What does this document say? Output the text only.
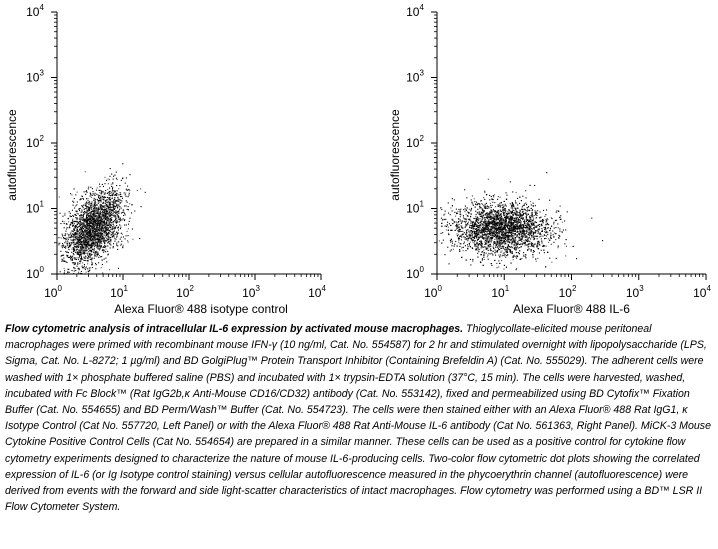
$10^0$	$10^1$	$10^2$	$10^3$	$10^4$
$10^0$
$10^1$
$10^2$
$10^3$
$10^4$
Alexa Fluor® 488 isotype control
autofluorescence
$10^0$	$10^1$	$10^2$	$10^3$	$10^4$
$10^0$
$10^1$
$10^2$
$10^3$
$10^4$
Alexa Fluor® 488 IL-6
autofluorescence

Flow cytometric analysis of intracellular IL-6 expression by activated mouse macrophages. Thioglycollate-elicited mouse peritoneal macrophages were primed with recombinant mouse IFN-γ (10 ng/ml, Cat. No. 554587) for 2 hr and stimulated overnight with lipopolysaccharide (LPS, Sigma, Cat. No. L-8272; 1 µg/ml) and BD GolgiPlug™ Protein Transport Inhibitor (Containing Brefeldin A) (Cat. No. 555029). The adherent cells were washed with 1× phosphate buffered saline (PBS) and incubated with 1× trypsin-EDTA solution (37°C, 15 min). The cells were harvested, washed, incubated with Fc Block™ (Rat IgG2b,κ Anti-Mouse CD16/CD32) antibody (Cat. No. 553142), fixed and permeabilized using BD Cytofix™ Fixation Buffer (Cat. No. 554655) and BD Perm/Wash™ Buffer (Cat. No. 554723). The cells were then stained either with an Alexa Fluor® 488 Rat IgG1, κ Isotype Control (Cat No. 557720, Left Panel) or with the Alexa Fluor® 488 Rat Anti-Mouse IL-6 antibody (Cat No. 561363, Right Panel). MiCK-3 Mouse Cytokine Positive Control Cells (Cat No. 554654) are prepared in a similar manner. These cells can be used as a positive control for cytokine flow cytometry experiments designed to characterize the nature of mouse IL-6-producing cells. Two-color flow cytometric dot plots showing the correlated expression of IL-6 (or Ig Isotype control staining) versus cellular autofluorescence measured in the phycoerythrin channel (autofluorescence) were derived from events with the forward and side light-scatter characteristics of intact macrophages. Flow cytometry was performed using a BD™ LSR II Flow Cytometer System.
